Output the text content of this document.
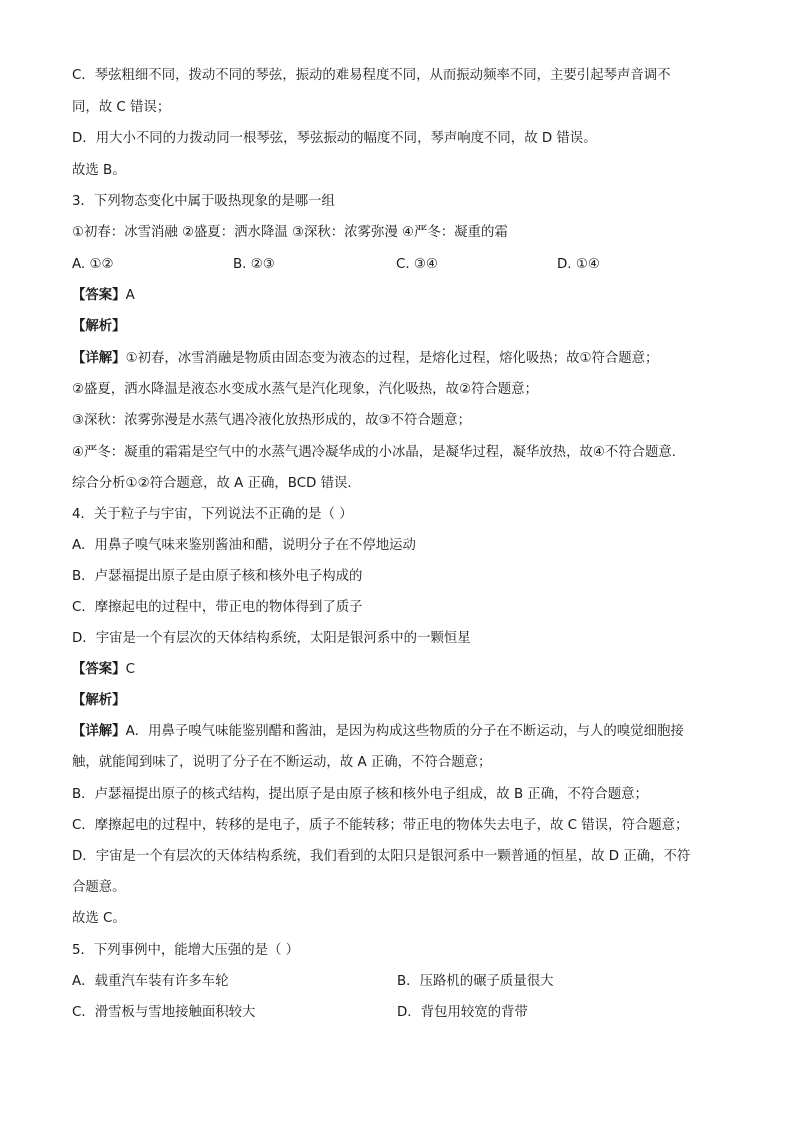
C．琴弦粗细不同，拨动不同的琴弦，振动的难易程度不同，从而振动频率不同，主要引起琴声音调不
同，故 C 错误；
D．用大小不同的力拨动同一根琴弦，琴弦振动的幅度不同，琴声响度不同，故 D 错误。
故选 B。
3．下列物态变化中属于吸热现象的是哪一组
①初春：冰雪消融 ②盛夏：洒水降温 ③深秋：浓雾弥漫 ④严冬：凝重的霜
A. ①②	B. ②③	C. ③④	D. ①④
【答案】A
【解析】
【详解】①初春，冰雪消融是物质由固态变为液态的过程，是熔化过程，熔化吸热；故①符合题意；
②盛夏，洒水降温是液态水变成水蒸气是汽化现象，汽化吸热，故②符合题意；
③深秋：浓雾弥漫是水蒸气遇冷液化放热形成的，故③不符合题意；
④严冬：凝重的霜霜是空气中的水蒸气遇冷凝华成的小冰晶，是凝华过程，凝华放热，故④不符合题意．
综合分析①②符合题意，故 A 正确，BCD 错误．
4．关于粒子与宇宙，下列说法不正确的是（ ）
A．用鼻子嗅气味来鉴别酱油和醋，说明分子在不停地运动
B．卢瑟福提出原子是由原子核和核外电子构成的
C．摩擦起电的过程中，带正电的物体得到了质子
D．宇宙是一个有层次的天体结构系统，太阳是银河系中的一颗恒星
【答案】C
【解析】
【详解】A．用鼻子嗅气味能鉴别醋和酱油，是因为构成这些物质的分子在不断运动，与人的嗅觉细胞接
触，就能闻到味了，说明了分子在不断运动，故 A 正确，不符合题意；
B．卢瑟福提出原子的核式结构，提出原子是由原子核和核外电子组成，故 B 正确，不符合题意；
C．摩擦起电的过程中，转移的是电子，质子不能转移；带正电的物体失去电子，故 C 错误，符合题意；
D．宇宙是一个有层次的天体结构系统，我们看到的太阳只是银河系中一颗普通的恒星，故 D 正确，不符
合题意。
故选 C。
5．下列事例中，能增大压强的是（ ）
A．载重汽车装有许多车轮	B．压路机的碾子质量很大
C．滑雪板与雪地接触面积较大	D．背包用较宽的背带
